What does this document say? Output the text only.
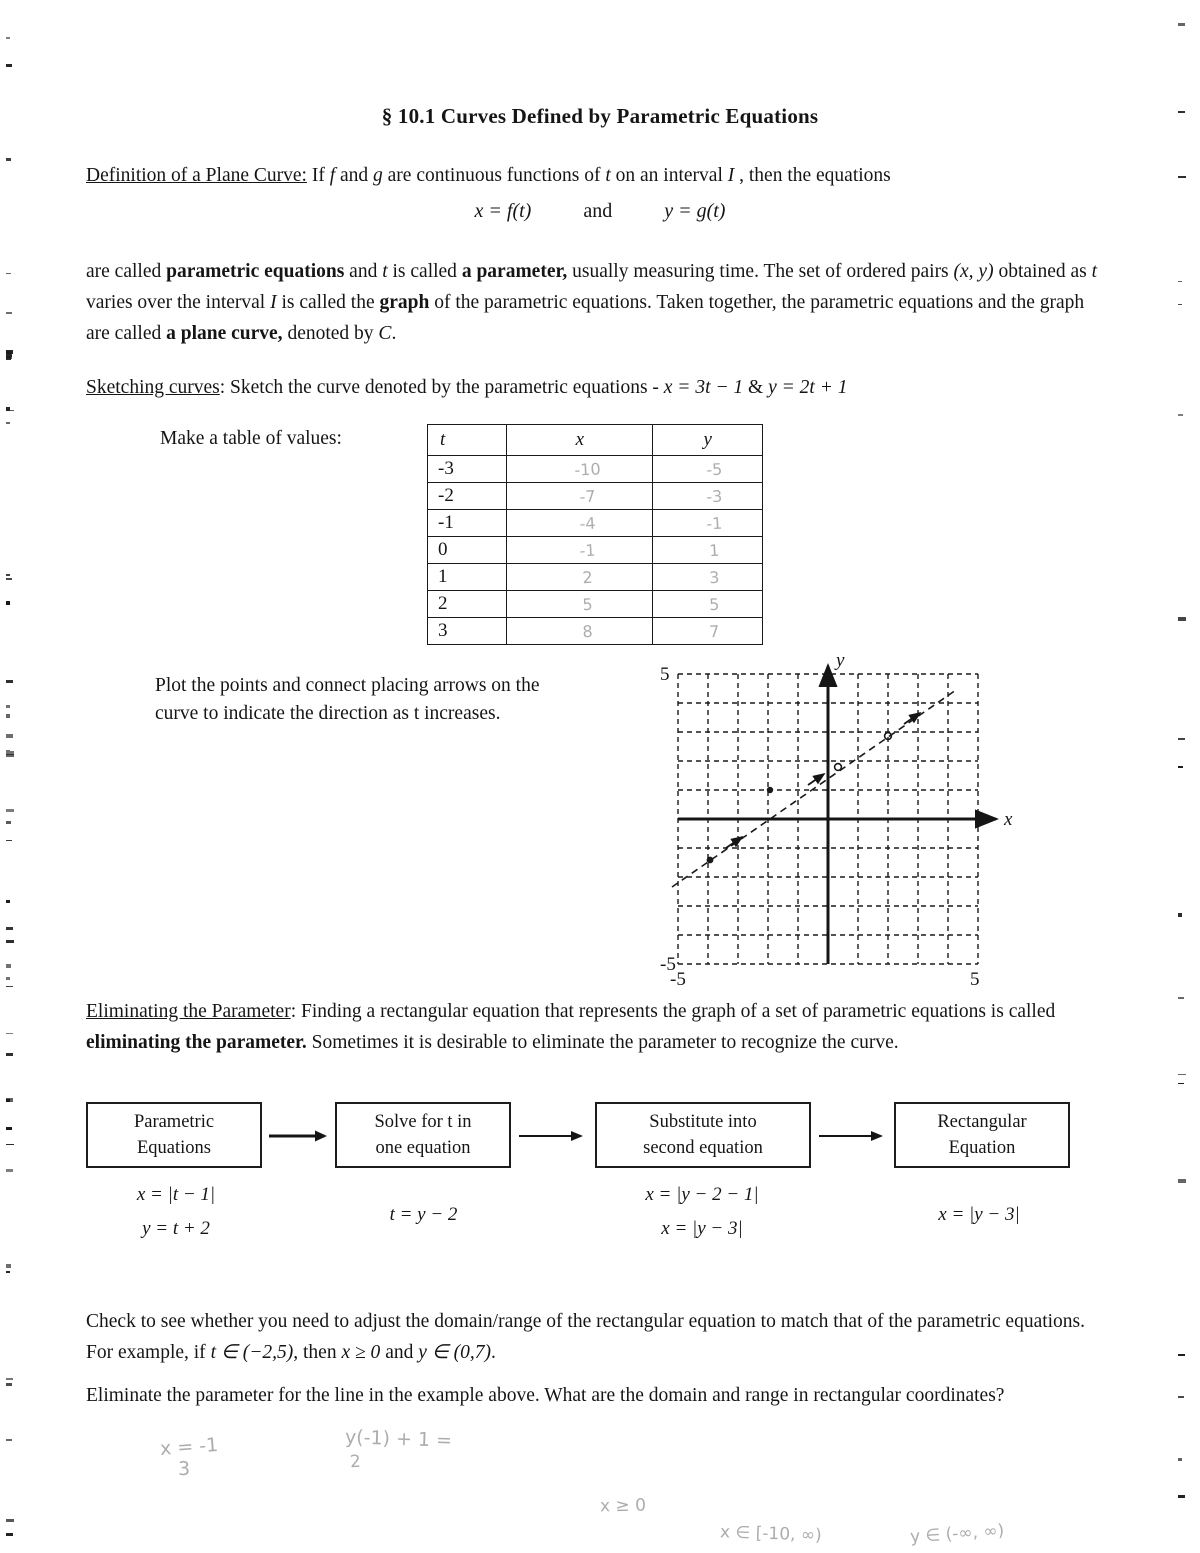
§ 10.1 Curves Defined by Parametric Equations
Definition of a Plane Curve: If f and g are continuous functions of t on an interval I , then the equations
x = f(t)	and	y = g(t)
are called parametric equations and t is called a parameter, usually measuring time. The set of ordered pairs (x, y) obtained as t varies over the interval I is called the graph of the parametric equations. Taken together, the parametric equations and the graph are called a plane curve, denoted by C.
Sketching curves: Sketch the curve denoted by the parametric equations - x = 3t − 1 & y = 2t + 1
Make a table of values:	t	x	y
-3	-10	-5

-2	-7	-3

-1	-4	-1

0	-1	1

1	2	3

2	5	5

3	8	7
Plot the points and connect placing arrows on the curve to indicate the direction as t increases.
x
y
5
-5
-5	5
Eliminating the Parameter: Finding a rectangular equation that represents the graph of a set of parametric equations is called eliminating the parameter. Sometimes it is desirable to eliminate the parameter to recognize the curve.
Parametric
Equations
Solve for t in
one equation
Substitute into
second equation
Rectangular
Equation
x = |t − 1|
y = t + 2
t = y − 2
x = |y − 2 − 1|
x = |y − 3|
x = |y − 3|
Check to see whether you need to adjust the domain/range of the rectangular equation to match that of the parametric equations. For example, if t ∈ (−2,5), then x ≥ 0 and y ∈ (0,7).
Eliminate the parameter for the line in the example above. What are the domain and range in rectangular coordinates?
x = -1
3
y(-1) + 1 =
2
x ≥ 0
x ∈ [-10, ∞)	y ∈ (-∞, ∞)
